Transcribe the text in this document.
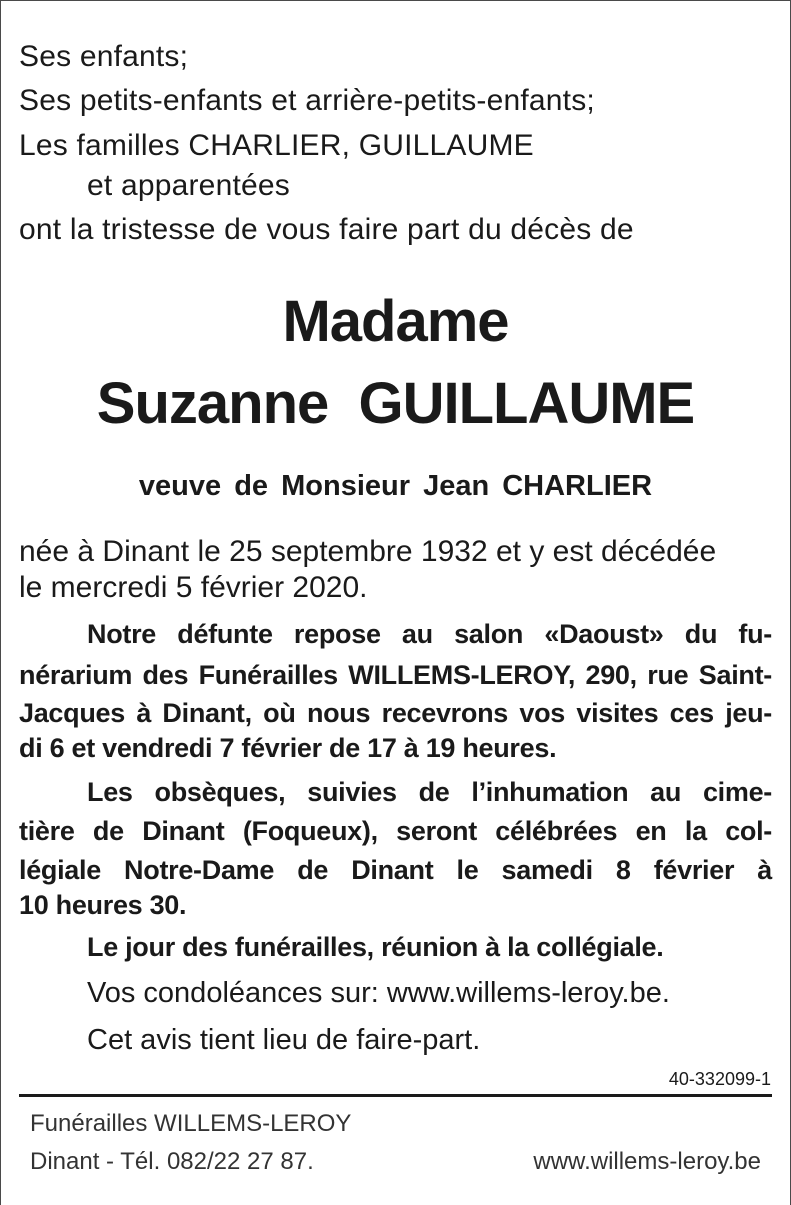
Ses enfants;
Ses petits-enfants et arrière-petits-enfants;
Les familles CHARLIER, GUILLAUME
et apparentées
ont la tristesse de vous faire part du décès de
Madame
Suzanne  GUILLAUME
veuve de Monsieur Jean CHARLIER
née à Dinant le 25 septembre 1932 et y est décédée
le mercredi 5 février 2020.
Notre défunte repose au salon «Daoust» du fu-
nérarium des Funérailles WILLEMS-LEROY, 290, rue Saint-
Jacques à Dinant, où nous recevrons vos visites ces jeu-
di 6 et vendredi 7 février de 17 à 19 heures.
Les obsèques, suivies de l’inhumation au cime-
tière de Dinant (Foqueux), seront célébrées en la col-
légiale Notre-Dame de Dinant le samedi 8 février à
10 heures 30.
Le jour des funérailles, réunion à la collégiale.
Vos condoléances sur: www.willems-leroy.be.
Cet avis tient lieu de faire-part.
40-332099-1
Funérailles WILLEMS-LEROY
Dinant - Tél. 082/22 27 87.	www.willems-leroy.be
